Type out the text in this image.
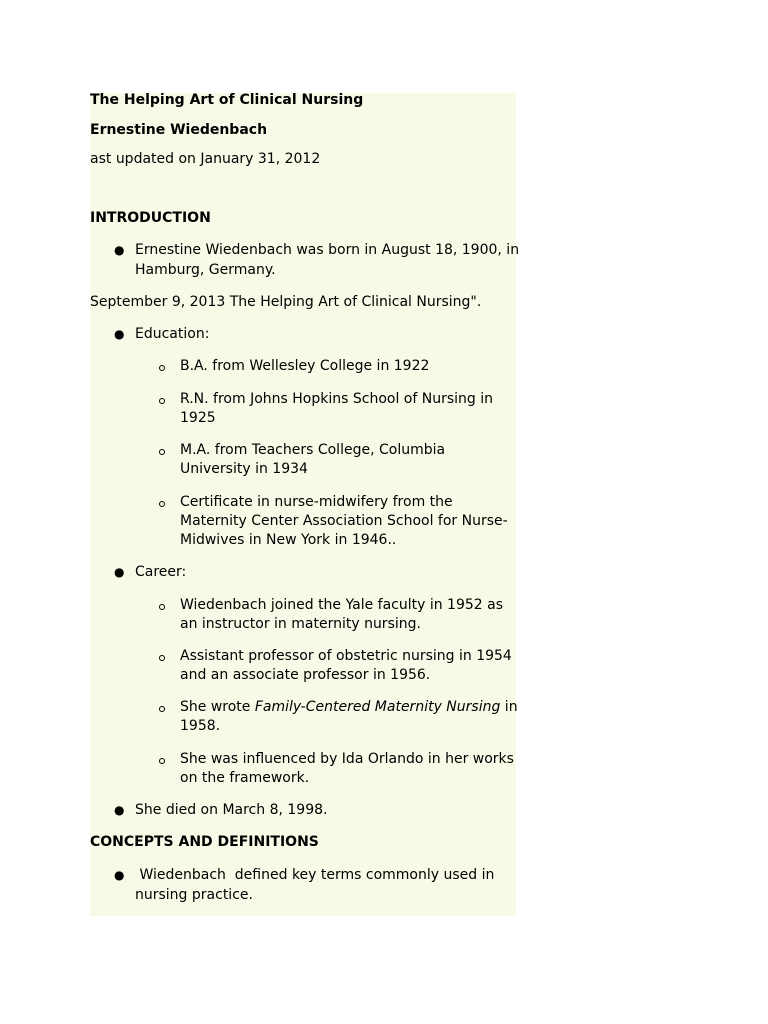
The Helping Art of Clinical Nursing

Ernestine Wiedenbach

ast updated on January 31, 2012

INTRODUCTION

● Ernestine Wiedenbach was born in August 18, 1900, in

Hamburg, Germany.

September 9, 2013 The Helping Art of Clinical Nursing".

● Education:

B.A. from Wellesley College in 1922

R.N. from Johns Hopkins School of Nursing in

1925

M.A. from Teachers College, Columbia

University in 1934

Certificate in nurse-midwifery from the

Maternity Center Association School for Nurse-

Midwives in New York in 1946..

● Career:

Wiedenbach joined the Yale faculty in 1952 as

an instructor in maternity nursing.

Assistant professor of obstetric nursing in 1954

and an associate professor in 1956.

She wrote Family-Centered Maternity Nursing in

1958.

She was influenced by Ida Orlando in her works

on the framework.

● She died on March 8, 1998.

CONCEPTS AND DEFINITIONS

● Wiedenbach  defined key terms commonly used in

nursing practice.
